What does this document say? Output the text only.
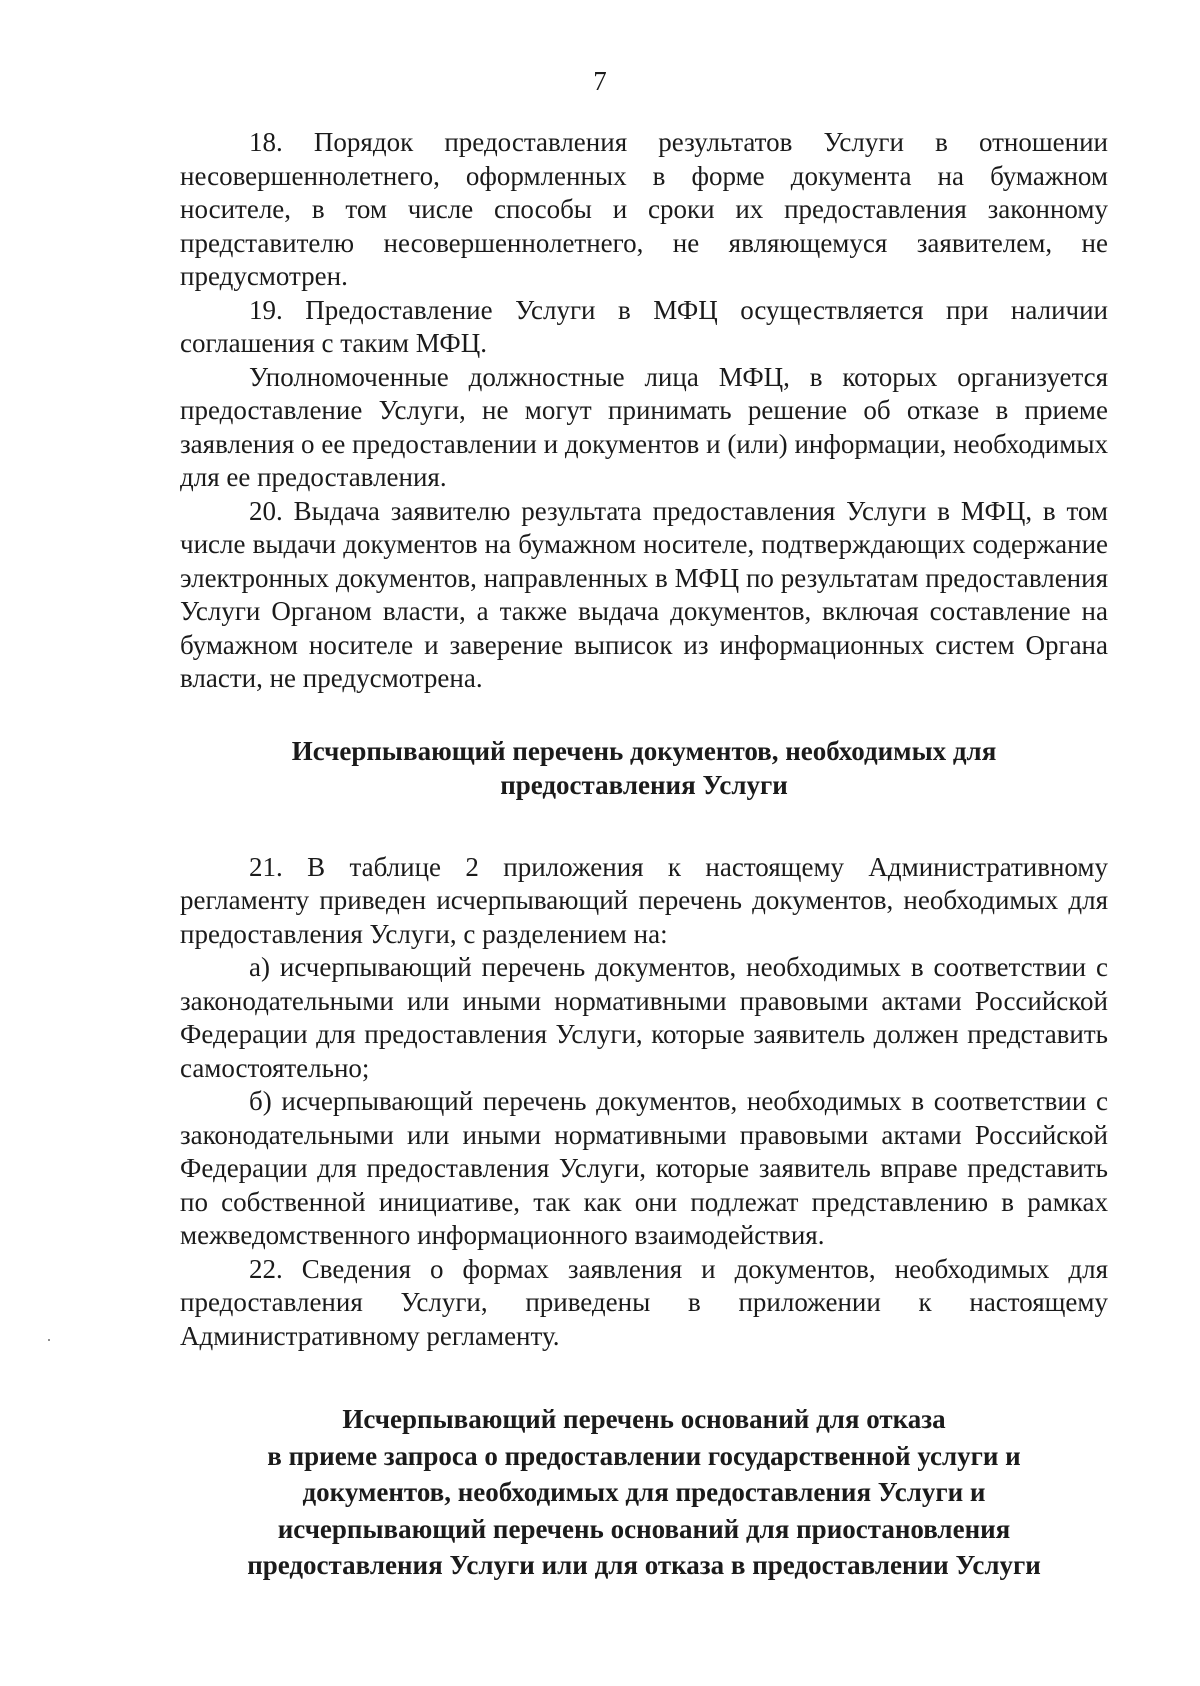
7

18. Порядок предоставления результатов Услуги в отношении несовершеннолетнего, оформленных в форме документа на бумажном носителе, в том числе способы и сроки их предоставления законному представителю несовершеннолетнего, не являющемуся заявителем, не предусмотрен.

19. Предоставление Услуги в МФЦ осуществляется при наличии соглашения с таким МФЦ.

Уполномоченные должностные лица МФЦ, в которых организуется предоставление Услуги, не могут принимать решение об отказе в приеме заявления о ее предоставлении и документов и (или) информации, необходимых для ее предоставления.

20. Выдача заявителю результата предоставления Услуги в МФЦ, в том числе выдачи документов на бумажном носителе, подтверждающих содержание электронных документов, направленных в МФЦ по результатам предоставления Услуги Органом власти, а также выдача документов, включая составление на бумажном носителе и заверение выписок из информационных систем Органа власти, не предусмотрена.

Исчерпывающий перечень документов, необходимых для
предоставления Услуги

21. В таблице 2 приложения к настоящему Административному регламенту приведен исчерпывающий перечень документов, необходимых для предоставления Услуги, с разделением на:

а) исчерпывающий перечень документов, необходимых в соответствии с законодательными или иными нормативными правовыми актами Российской Федерации для предоставления Услуги, которые заявитель должен представить самостоятельно;

б) исчерпывающий перечень документов, необходимых в соответствии с законодательными или иными нормативными правовыми актами Российской Федерации для предоставления Услуги, которые заявитель вправе представить по собственной инициативе, так как они подлежат представлению в рамках межведомственного информационного взаимодействия.

22. Сведения о формах заявления и документов, необходимых для предоставления Услуги, приведены в приложении к настоящему Административному регламенту.

Исчерпывающий перечень оснований для отказа
в приеме запроса о предоставлении государственной услуги и
документов, необходимых для предоставления Услуги и
исчерпывающий перечень оснований для приостановления
предоставления Услуги или для отказа в предоставлении Услуги
